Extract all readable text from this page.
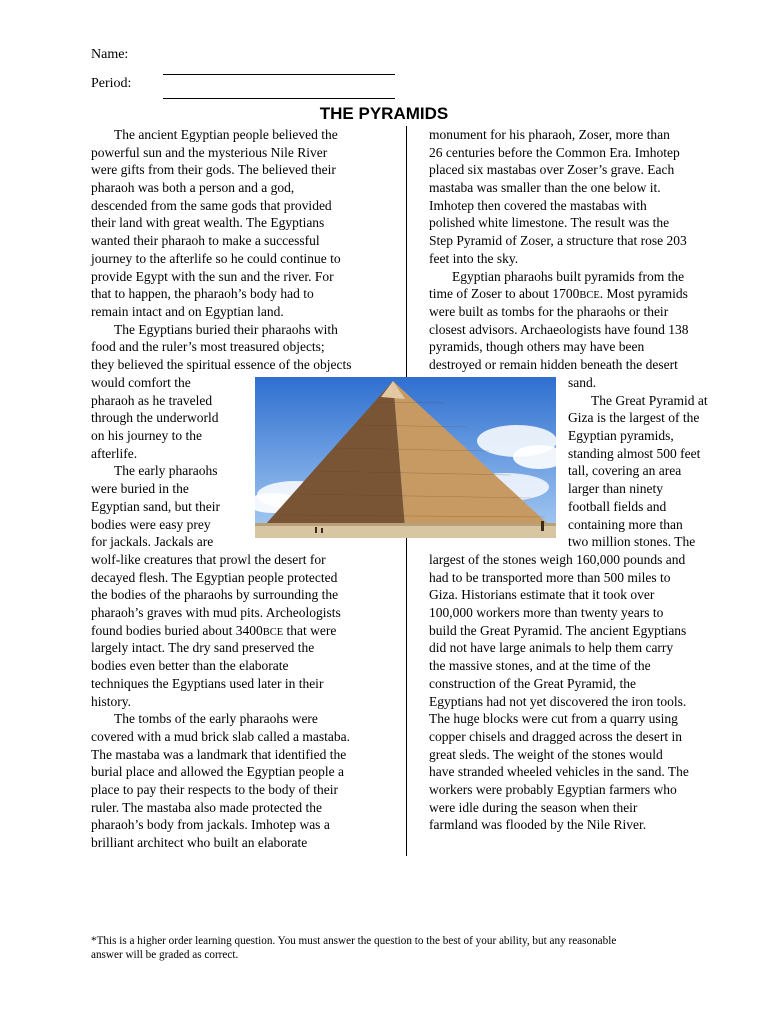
Name:
Period:
THE PYRAMIDS
The ancient Egyptian people believed the
powerful sun and the mysterious Nile River
were gifts from their gods. The believed their
pharaoh was both a person and a god,
descended from the same gods that provided
their land with great wealth. The Egyptians
wanted their pharaoh to make a successful
journey to the afterlife so he could continue to
provide Egypt with the sun and the river. For
that to happen, the pharaoh’s body had to
remain intact and on Egyptian land.
The Egyptians buried their pharaohs with
food and the ruler’s most treasured objects;
they believed the spiritual essence of the objects
would comfort the
pharaoh as he traveled
through the underworld
on his journey to the
afterlife.
The early pharaohs
were buried in the
Egyptian sand, but their
bodies were easy prey
for jackals. Jackals are
wolf-like creatures that prowl the desert for
decayed flesh. The Egyptian people protected
the bodies of the pharaohs by surrounding the
pharaoh’s graves with mud pits. Archeologists
found bodies buried about 3400BCE that were
largely intact. The dry sand preserved the
bodies even better than the elaborate
techniques the Egyptians used later in their
history.
The tombs of the early pharaohs were
covered with a mud brick slab called a mastaba.
The mastaba was a landmark that identified the
burial place and allowed the Egyptian people a
place to pay their respects to the body of their
ruler. The mastaba also made protected the
pharaoh’s body from jackals. Imhotep was a
brilliant architect who built an elaborate
monument for his pharaoh, Zoser, more than
26 centuries before the Common Era. Imhotep
placed six mastabas over Zoser’s grave. Each
mastaba was smaller than the one below it.
Imhotep then covered the mastabas with
polished white limestone. The result was the
Step Pyramid of Zoser, a structure that rose 203
feet into the sky.
Egyptian pharaohs built pyramids from the
time of Zoser to about 1700BCE. Most pyramids
were built as tombs for the pharaohs or their
closest advisors. Archaeologists have found 138
pyramids, though others may have been
destroyed or remain hidden beneath the desert
sand.
The Great Pyramid at
Giza is the largest of the
Egyptian pyramids,
standing almost 500 feet
tall, covering an area
larger than ninety
football fields and
containing more than
two million stones. The
largest of the stones weigh 160,000 pounds and
had to be transported more than 500 miles to
Giza. Historians estimate that it took over
100,000 workers more than twenty years to
build the Great Pyramid. The ancient Egyptians
did not have large animals to help them carry
the massive stones, and at the time of the
construction of the Great Pyramid, the
Egyptians had not yet discovered the iron tools.
The huge blocks were cut from a quarry using
copper chisels and dragged across the desert in
great sleds. The weight of the stones would
have stranded wheeled vehicles in the sand. The
workers were probably Egyptian farmers who
were idle during the season when their
farmland was flooded by the Nile River.
*This is a higher order learning question. You must answer the question to the best of your ability, but any reasonable
answer will be graded as correct.
